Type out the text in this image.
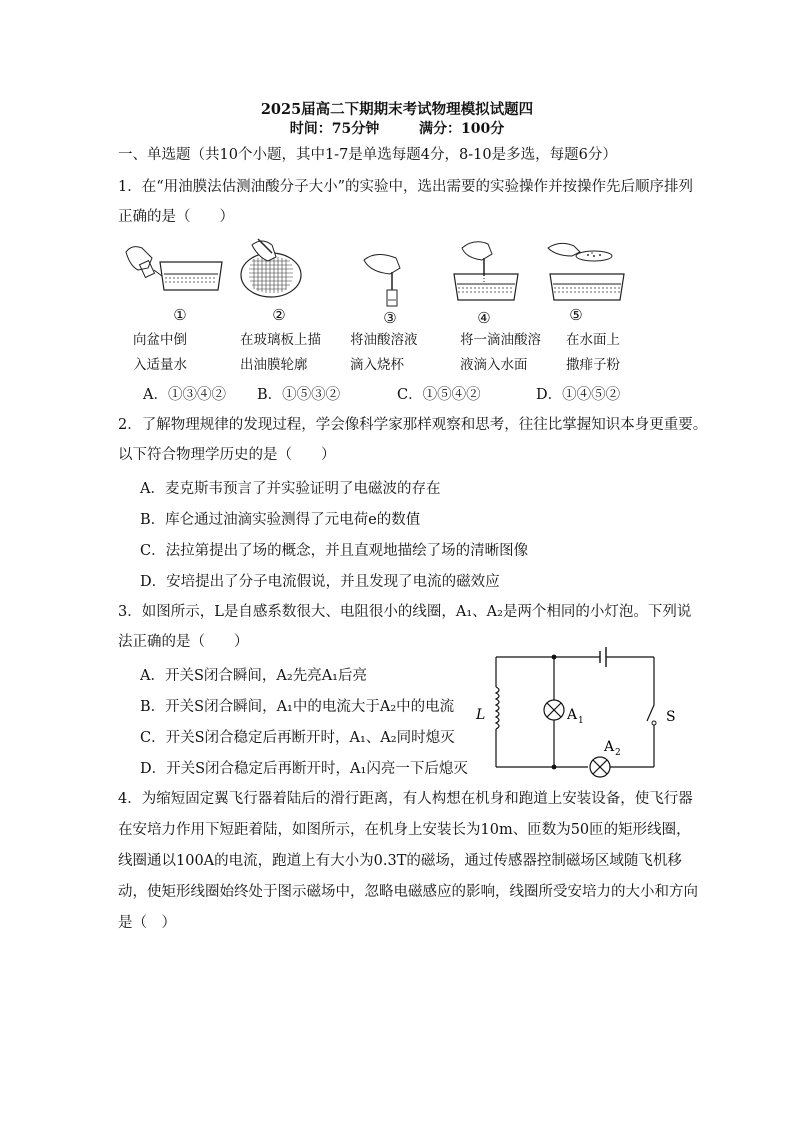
2025届高二下期期末考试物理模拟试题四
时间：75分钟	满分：100分
一、单选题（共10个小题，其中1-7是单选每题4分，8-10是多选，每题6分）
1．在“用油膜法估测油酸分子大小”的实验中，选出需要的实验操作并按操作先后顺序排列
正确的是（　　）
①	②	③	④	⑤
向盆中倒
入适量水
在玻璃板上描
出油膜轮廓
将油酸溶液
滴入烧杯
将一滴油酸溶
液滴入水面
在水面上
撒痱子粉
A．①③④② B．①⑤③②	C．①⑤④②	D．①④⑤②
2．了解物理规律的发现过程，学会像科学家那样观察和思考，往往比掌握知识本身更重要。
以下符合物理学历史的是（　　）
A．麦克斯韦预言了并实验证明了电磁波的存在
B．库仑通过油滴实验测得了元电荷e的数值
C．法拉第提出了场的概念，并且直观地描绘了场的清晰图像
D．安培提出了分子电流假说，并且发现了电流的磁效应
3．如图所示，L是自感系数很大、电阻很小的线圈，A₁、A₂是两个相同的小灯泡。下列说
法正确的是（　　）
A．开关S闭合瞬间，A₂先亮A₁后亮
B．开关S闭合瞬间，A₁中的电流大于A₂中的电流
C．开关S闭合稳定后再断开时，A₁、A₂同时熄灭
D．开关S闭合稳定后再断开时，A₁闪亮一下后熄灭
L	A 1
A 2
S
4．为缩短固定翼飞行器着陆后的滑行距离，有人构想在机身和跑道上安装设备，使飞行器
在安培力作用下短距着陆，如图所示，在机身上安装长为10m、匝数为50匝的矩形线圈，
线圈通以100A的电流，跑道上有大小为0.3T的磁场，通过传感器控制磁场区域随飞机移
动，使矩形线圈始终处于图示磁场中，忽略电磁感应的影响，线圈所受安培力的大小和方向
是（　）
